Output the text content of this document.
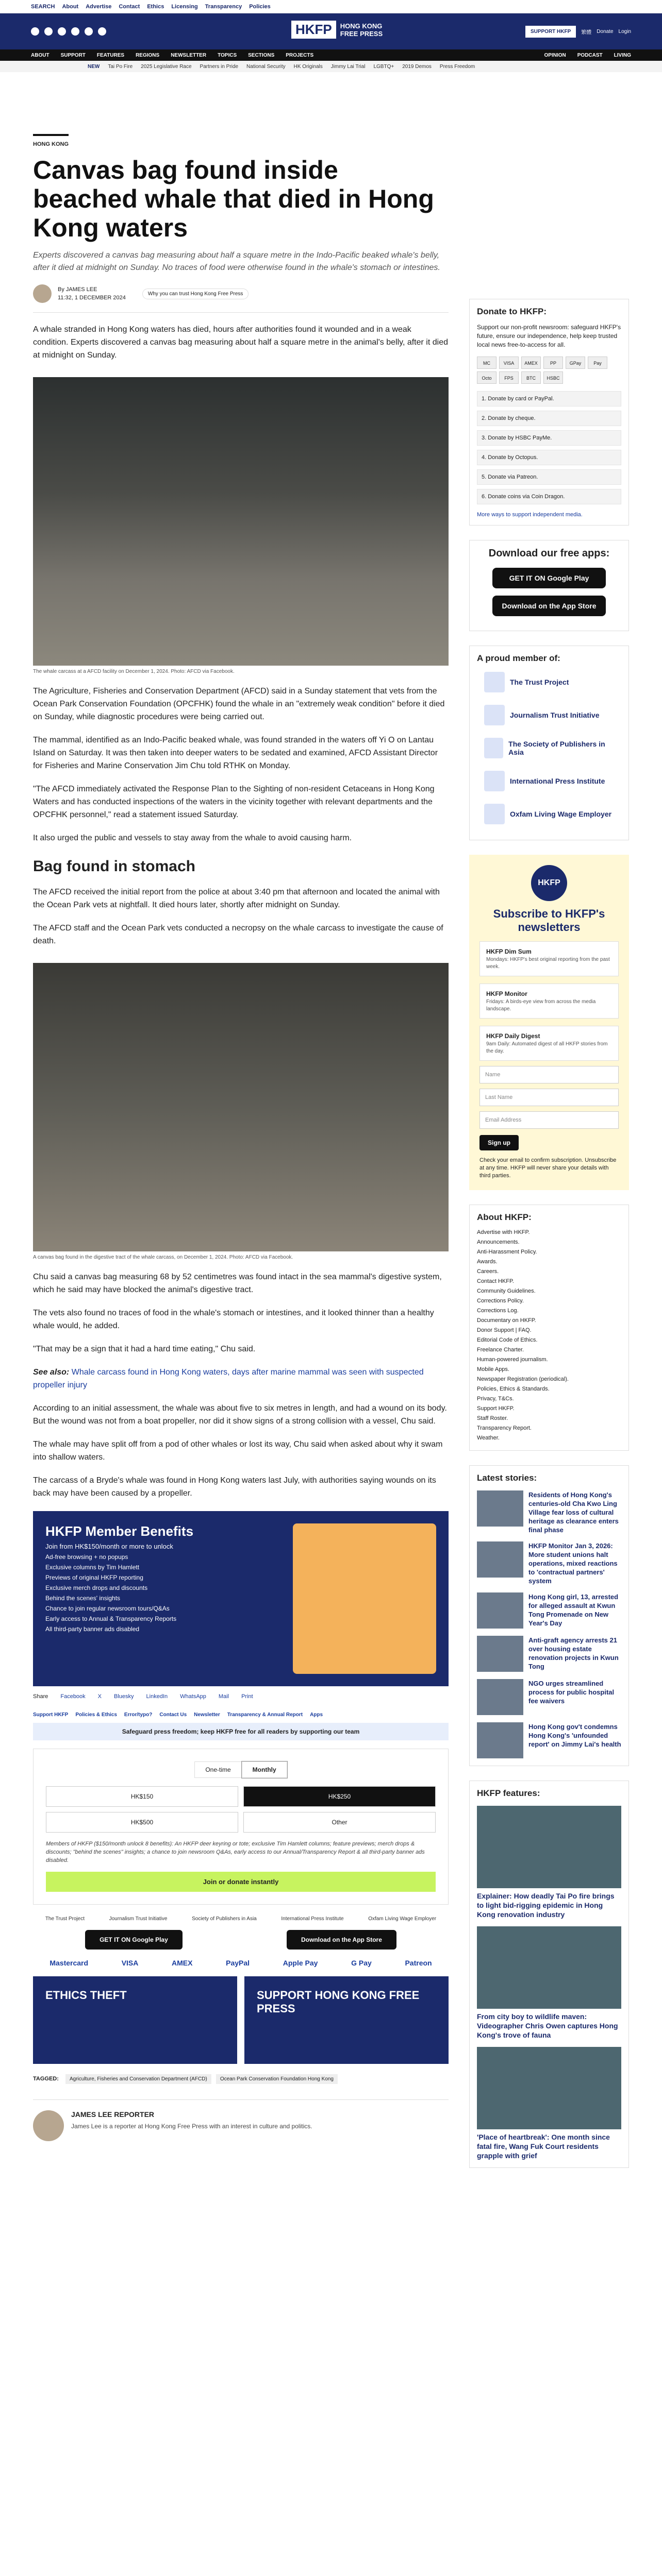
SEARCH About Advertise Contact Ethics Licensing Transparency Policies
HKFP	HONG KONG FREE PRESS	SUPPORT HKFP	繁體 Donate Login
ABOUT SUPPORT FEATURES REGIONS NEWSLETTER TOPICS SECTIONS PROJECTS	OPINION PODCAST LIVING
NEW Tai Po Fire 2025 Legislative Race Partners in Pride National Security HK Originals Jimmy Lai Trial LGBTQ+ 2019 Demos Press Freedom
HONG KONG
Canvas bag found inside beached whale that died in Hong Kong waters
Experts discovered a canvas bag measuring about half a square metre in the Indo-Pacific beaked whale's belly, after it died at midnight on Sunday. No traces of food were otherwise found in the whale's stomach or intestines.
By JAMES LEE
11:32, 1 DECEMBER 2024
Why you can trust Hong Kong Free Press

A whale stranded in Hong Kong waters has died, hours after authorities found it wounded and in a weak condition. Experts discovered a canvas bag measuring about half a square metre in the animal's belly, after it died at midnight on Sunday.

The whale carcass at a AFCD facility on December 1, 2024. Photo: AFCD via Facebook.

The Agriculture, Fisheries and Conservation Department (AFCD) said in a Sunday statement that vets from the Ocean Park Conservation Foundation (OPCFHK) found the whale in an "extremely weak condition" before it died on Sunday, while diagnostic procedures were being carried out.

The mammal, identified as an Indo-Pacific beaked whale, was found stranded in the waters off Yi O on Lantau Island on Saturday. It was then taken into deeper waters to be sedated and examined, AFCD Assistant Director for Fisheries and Marine Conservation Jim Chu told RTHK on Monday.

"The AFCD immediately activated the Response Plan to the Sighting of non-resident Cetaceans in Hong Kong Waters and has conducted inspections of the waters in the vicinity together with relevant departments and the OPCFHK personnel," read a statement issued Saturday.

It also urged the public and vessels to stay away from the whale to avoid causing harm.

Bag found in stomach

The AFCD received the initial report from the police at about 3:40 pm that afternoon and located the animal with the Ocean Park vets at nightfall. It died hours later, shortly after midnight on Sunday.

The AFCD staff and the Ocean Park vets conducted a necropsy on the whale carcass to investigate the cause of death.

A canvas bag found in the digestive tract of the whale carcass, on December 1, 2024. Photo: AFCD via Facebook.

Chu said a canvas bag measuring 68 by 52 centimetres was found intact in the sea mammal's digestive system, which he said may have blocked the animal's digestive tract.

The vets also found no traces of food in the whale's stomach or intestines, and it looked thinner than a healthy whale would, he added.

"That may be a sign that it had a hard time eating," Chu said.

See also: Whale carcass found in Hong Kong waters, days after marine mammal was seen with suspected propeller injury

According to an initial assessment, the whale was about five to six metres in length, and had a wound on its body. But the wound was not from a boat propeller, nor did it show signs of a strong collision with a vessel, Chu said.

The whale may have split off from a pod of other whales or lost its way, Chu said when asked about why it swam into shallow waters.

The carcass of a Bryde's whale was found in Hong Kong waters last July, with authorities saying wounds on its back may have been caused by a propeller.

HKFP Member Benefits
Join from HK$150/month or more to unlock
Ad-free browsing + no popups
Exclusive columns by Tim Hamlett
Previews of original HKFP reporting
Exclusive merch drops and discounts
Behind the scenes' insights
Chance to join regular newsroom tours/Q&As
Early access to Annual & Transparency Reports
All third-party banner ads disabled
Share Facebook X Bluesky LinkedIn WhatsApp Mail Print
Support HKFP Policies & Ethics Error/typo? Contact Us Newsletter Transparency & Annual Report Apps
Safeguard press freedom; keep HKFP free for all readers by supporting our team
One-time	Monthly
HK$150	HK$250
HK$500	Other
Members of HKFP ($150/month unlock 8 benefits): An HKFP deer keyring or tote; exclusive Tim Hamlett columns; feature previews; merch drops & discounts; "behind the scenes" insights; a chance to join newsroom Q&As, early access to our Annual/Transparency Report & all third-party banner ads disabled.
Join or donate instantly
The Trust Project	Journalism Trust Initiative	Society of Publishers in Asia	International Press Institute	Oxfam Living Wage Employer
GET IT ON Google Play	Download on the App Store
Mastercard	VISA	AMEX	PayPal	Apple Pay	G Pay	Patreon
ETHICS THEFT	SUPPORT HONG KONG FREE PRESS
TAGGED: Agriculture, Fisheries and Conservation Department (AFCD)	Ocean Park Conservation Foundation Hong Kong
JAMES LEE REPORTER
James Lee is a reporter at Hong Kong Free Press with an interest in culture and politics.
Donate to HKFP:
Support our non-profit newsroom: safeguard HKFP's future, ensure our independence, help keep trusted local news free-to-access for all.
MC	VISA	AMEX	PP	GPay	Pay
Octo	FPS	BTC	HSBC
1. Donate by card or PayPal.
2. Donate by cheque.
3. Donate by HSBC PayMe.
4. Donate by Octopus.
5. Donate via Patreon.
6. Donate coins via Coin Dragon.
More ways to support independent media.
Download our free apps:
GET IT ON Google Play
Download on the App Store
A proud member of:
The Trust Project
Journalism Trust Initiative
The Society of Publishers in Asia
International Press Institute
Oxfam Living Wage Employer
HKFP
Subscribe to HKFP's newsletters
HKFP Dim Sum
Mondays: HKFP's best original reporting from the past week.
HKFP Monitor
Fridays: A birds-eye view from across the media landscape.
HKFP Daily Digest
9am Daily: Automated digest of all HKFP stories from the day.
Name
Last Name
Email Address
Sign up
Check your email to confirm subscription. Unsubscribe at any time. HKFP will never share your details with third parties.
About HKFP:
Advertise with HKFP.
Announcements.
Anti-Harassment Policy.
Awards.
Careers.
Contact HKFP.
Community Guidelines.
Corrections Policy.
Corrections Log.
Documentary on HKFP.
Donor Support | FAQ.
Editorial Code of Ethics.
Freelance Charter.
Human-powered journalism.
Mobile Apps.
Newspaper Registration (periodical).
Policies, Ethics & Standards.
Privacy, T&Cs.
Support HKFP.
Staff Roster.
Transparency Report.
Weather.
Latest stories:
Residents of Hong Kong's centuries-old Cha Kwo Ling Village fear loss of cultural heritage as clearance enters final phase
HKFP Monitor Jan 3, 2026: More student unions halt operations, mixed reactions to 'contractual partners' system
Hong Kong girl, 13, arrested for alleged assault at Kwun Tong Promenade on New Year's Day
Anti-graft agency arrests 21 over housing estate renovation projects in Kwun Tong
NGO urges streamlined process for public hospital fee waivers
Hong Kong gov't condemns Hong Kong's 'unfounded report' on Jimmy Lai's health
HKFP features:
Explainer: How deadly Tai Po fire brings to light bid-rigging epidemic in Hong Kong renovation industry
From city boy to wildlife maven: Videographer Chris Owen captures Hong Kong's trove of fauna
'Place of heartbreak': One month since fatal fire, Wang Fuk Court residents grapple with grief
